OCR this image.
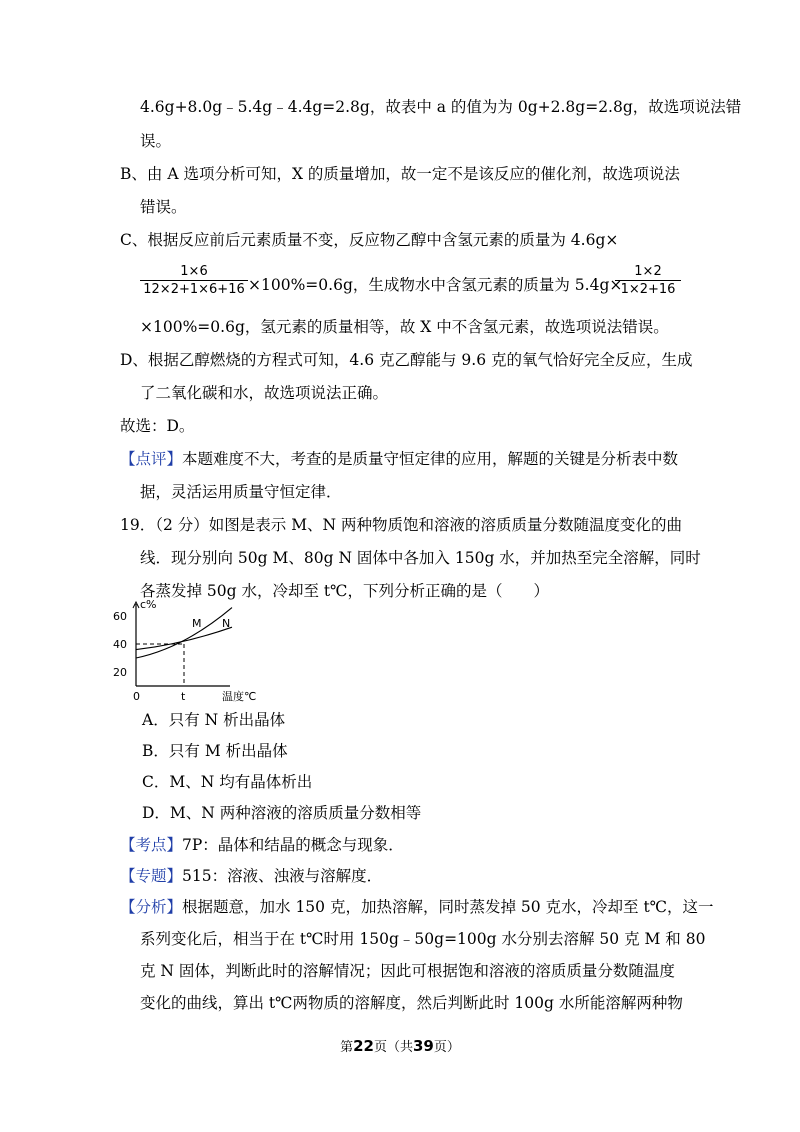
4.6g+8.0g﹣5.4g﹣4.4g=2.8g，故表中 a 的值为为 0g+2.8g=2.8g，故选项说法错
误。
B、由 A 选项分析可知，X 的质量增加，故一定不是该反应的催化剂，故选项说法
错误。
C、根据反应前后元素质量不变，反应物乙醇中含氢元素的质量为 4.6g×
1×6
12×2+1×6+16 ×100%=0.6g，生成物水中含氢元素的质量为 5.4g×
1×2
1×2+16
×100%=0.6g，氢元素的质量相等，故 X 中不含氢元素，故选项说法错误。
D、根据乙醇燃烧的方程式可知，4.6 克乙醇能与 9.6 克的氧气恰好完全反应，生成
了二氧化碳和水，故选项说法正确。
故选：D。
【点评】本题难度不大，考查的是质量守恒定律的应用，解题的关键是分析表中数
据，灵活运用质量守恒定律．
19．（2 分）如图是表示 M、N 两种物质饱和溶液的溶质质量分数随温度变化的曲
线．现分别向 50g M、80g N 固体中各加入 150g 水，并加热至完全溶解，同时
各蒸发掉 50g 水，冷却至 t℃，下列分析正确的是（　　）
c%
温度℃
20
40
60
0	t
M N
A．只有 N 析出晶体
B．只有 M 析出晶体
C．M、N 均有晶体析出
D．M、N 两种溶液的溶质质量分数相等
【考点】7P：晶体和结晶的概念与现象．
【专题】515：溶液、浊液与溶解度．
【分析】根据题意，加水 150 克，加热溶解，同时蒸发掉 50 克水，冷却至 t℃，这一
系列变化后，相当于在 t℃时用 150g﹣50g=100g 水分别去溶解 50 克 M 和 80
克 N 固体，判断此时的溶解情况；因此可根据饱和溶液的溶质质量分数随温度
变化的曲线，算出 t℃两物质的溶解度，然后判断此时 100g 水所能溶解两种物
第22页（共39页）
